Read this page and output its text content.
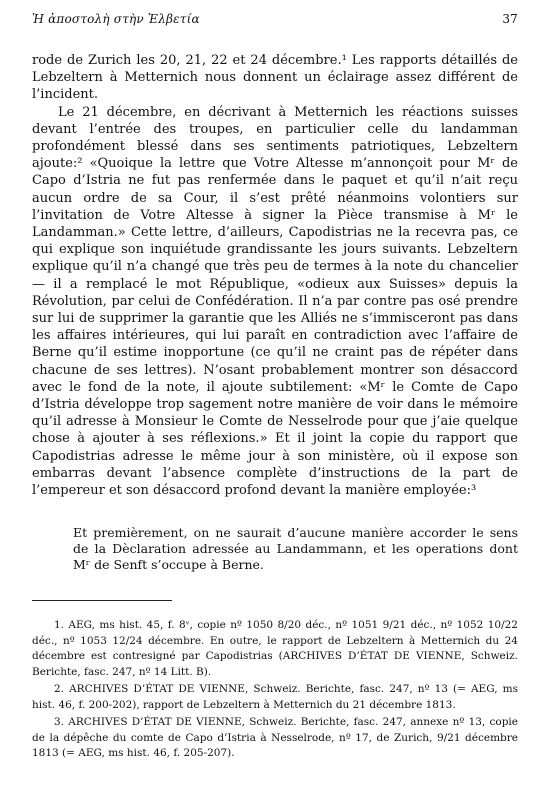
Ἡ ἀποστολὴ στὴν Ἑλβετία	37

rode de Zurich les 20, 21, 22 et 24 décembre.¹ Les rapports détaillés de Lebzeltern à Metternich nous donnent un éclairage assez différent de l’incident.

Le 21 décembre, en décrivant à Metternich les réactions suisses devant l’entrée des troupes, en particulier celle du landamman profondément blessé dans ses sentiments patriotiques, Lebzeltern ajoute:² «Quoique la lettre que Votre Altesse m’annonçoit pour Mʳ de Capo d’Istria ne fut pas renfermée dans le paquet et qu’il n’ait reçu aucun ordre de sa Cour, il s’est prêté néanmoins volontiers sur l’invitation de Votre Altesse à signer la Pièce transmise à Mʳ le Landamman.» Cette lettre, d’ailleurs, Capodistrias ne la recevra pas, ce qui explique son inquiétude grandissante les jours suivants. Lebzeltern explique qu’il n’a changé que très peu de termes à la note du chancelier — il a remplacé le mot République, «odieux aux Suisses» depuis la Révolution, par celui de Confédération. Il n’a par contre pas osé prendre sur lui de supprimer la garantie que les Alliés ne s’immisceront pas dans les affaires intérieures, qui lui paraît en contradiction avec l’affaire de Berne qu’il estime inopportune (ce qu’il ne craint pas de répéter dans chacune de ses lettres). N’osant probablement montrer son désaccord avec le fond de la note, il ajoute subtilement: «Mʳ le Comte de Capo d’Istria développe trop sagement notre manière de voir dans le mémoire qu’il adresse à Monsieur le Comte de Nesselrode pour que j’aie quelque chose à ajouter à ses réflexions.» Et il joint la copie du rapport que Capodistrias adresse le même jour à son ministère, où il expose son embarras devant l’absence complète d’instructions de la part de l’empereur et son désaccord profond devant la manière employée:³

Et premièrement, on ne saurait d’aucune manière accorder le sens de la Dèclaration adressée au Landammann, et les operations dont Mʳ de Senft s’occupe à Berne.

1. AEG, ms hist. 45, f. 8ᵛ, copie nº 1050 8/20 déc., nº 1051 9/21 déc., nº 1052 10/22 déc., nº 1053 12/24 décembre. En outre, le rapport de Lebzeltern à Metternich du 24 décembre est contresigné par Capodistrias (ARCHIVES D’ÉTAT DE VIENNE, Schweiz. Berichte, fasc. 247, nº 14 Litt. B).

2. ARCHIVES D’ÉTAT DE VIENNE, Schweiz. Berichte, fasc. 247, nº 13 (= AEG, ms hist. 46, f. 200-202), rapport de Lebzeltern à Metternich du 21 décembre 1813.

3. ARCHIVES D’ÉTAT DE VIENNE, Schweiz. Berichte, fasc. 247, annexe nº 13, copie de la dépêche du comte de Capo d’Istria à Nesselrode, nº 17, de Zurich, 9/21 décembre 1813 (= AEG, ms hist. 46, f. 205-207).
